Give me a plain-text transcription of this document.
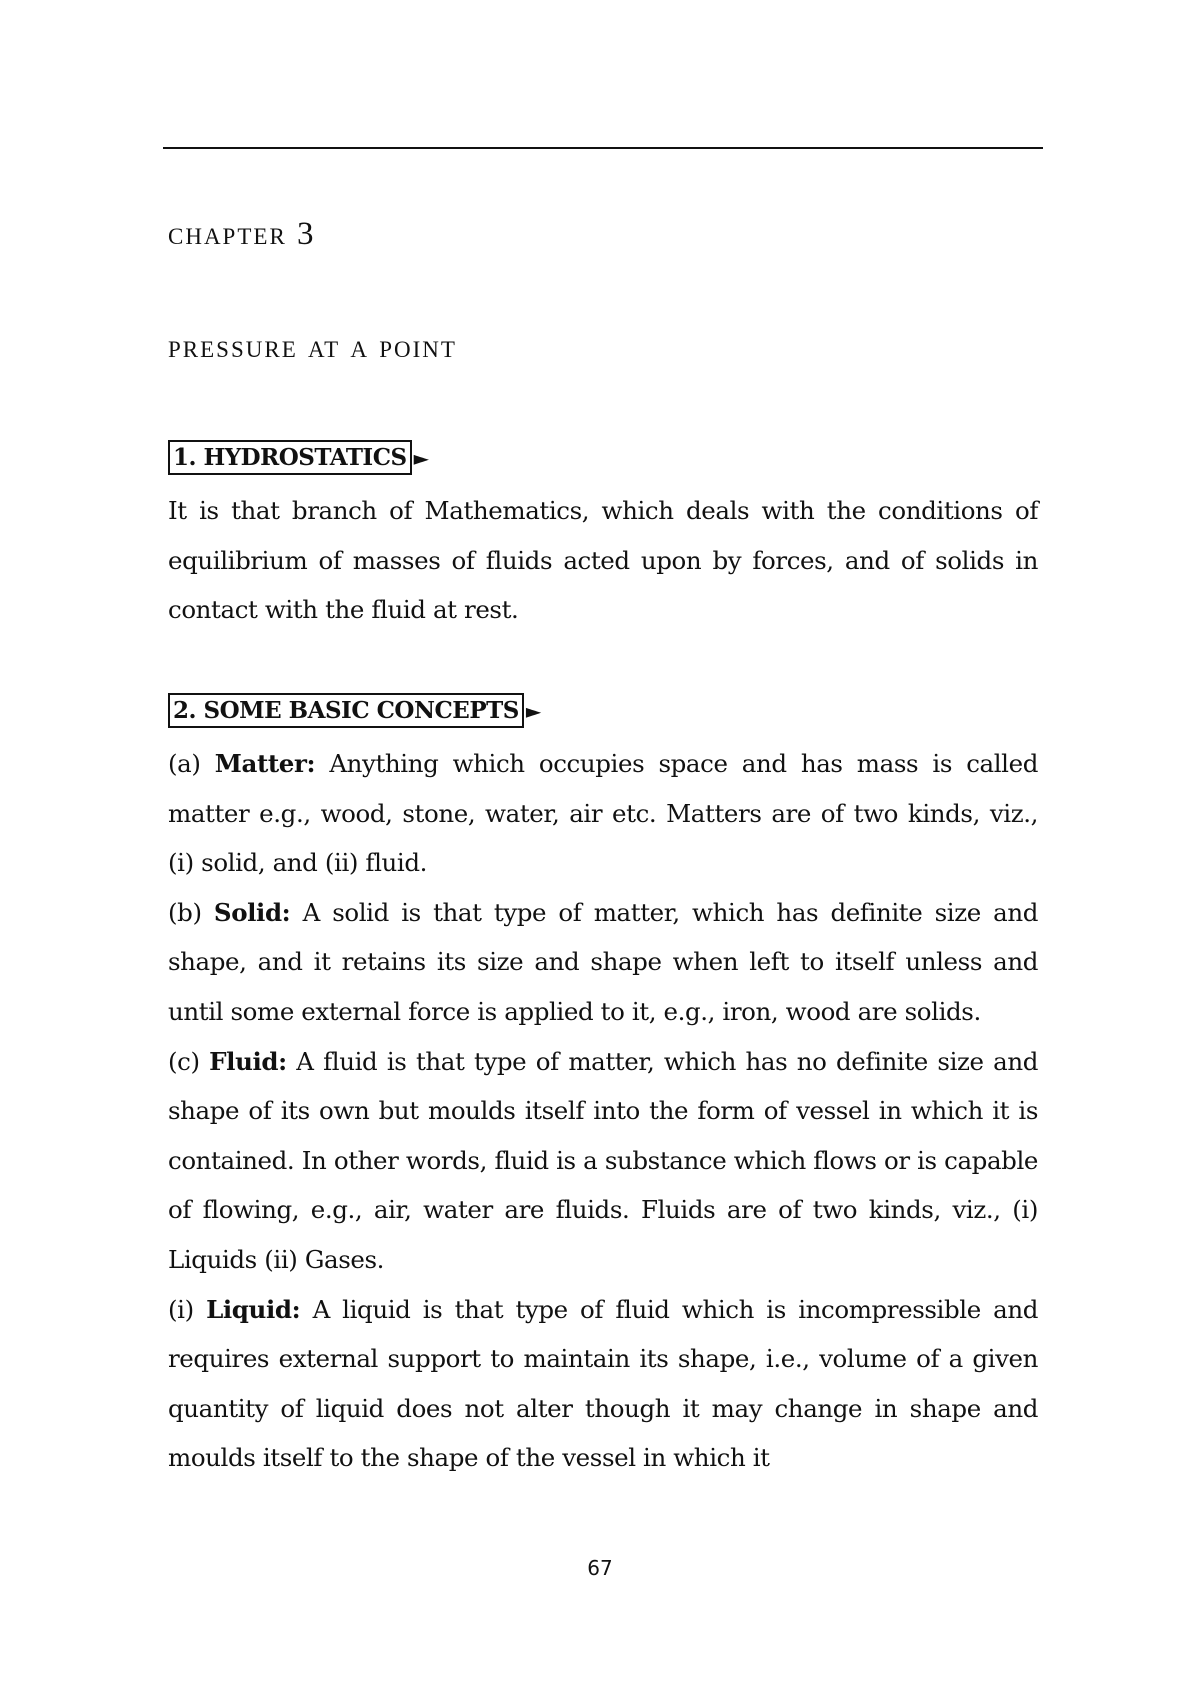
chapter 3
pressure at a point
1. HYDROSTATICS ►

It is that branch of Mathematics, which deals with the conditions of equilibrium of masses of fluids acted upon by forces, and of solids in contact with the fluid at rest.

2. SOME BASIC CONCEPTS ►

(a) Matter: Anything which occupies space and has mass is called matter e.g., wood, stone, water, air etc. Matters are of two kinds, viz., (i) solid, and (ii) fluid.

(b) Solid: A solid is that type of matter, which has definite size and shape, and it retains its size and shape when left to itself unless and until some external force is applied to it, e.g., iron, wood are solids.

(c) Fluid: A fluid is that type of matter, which has no definite size and shape of its own but moulds itself into the form of vessel in which it is contained. In other words, fluid is a substance which flows or is capable of flowing, e.g., air, water are fluids. Fluids are of two kinds, viz., (i) Liquids (ii) Gases.

(i) Liquid: A liquid is that type of fluid which is incompressible and requires external support to maintain its shape, i.e., volume of a given quantity of liquid does not alter though it may change in shape and moulds itself to the shape of the vessel in which it

67
